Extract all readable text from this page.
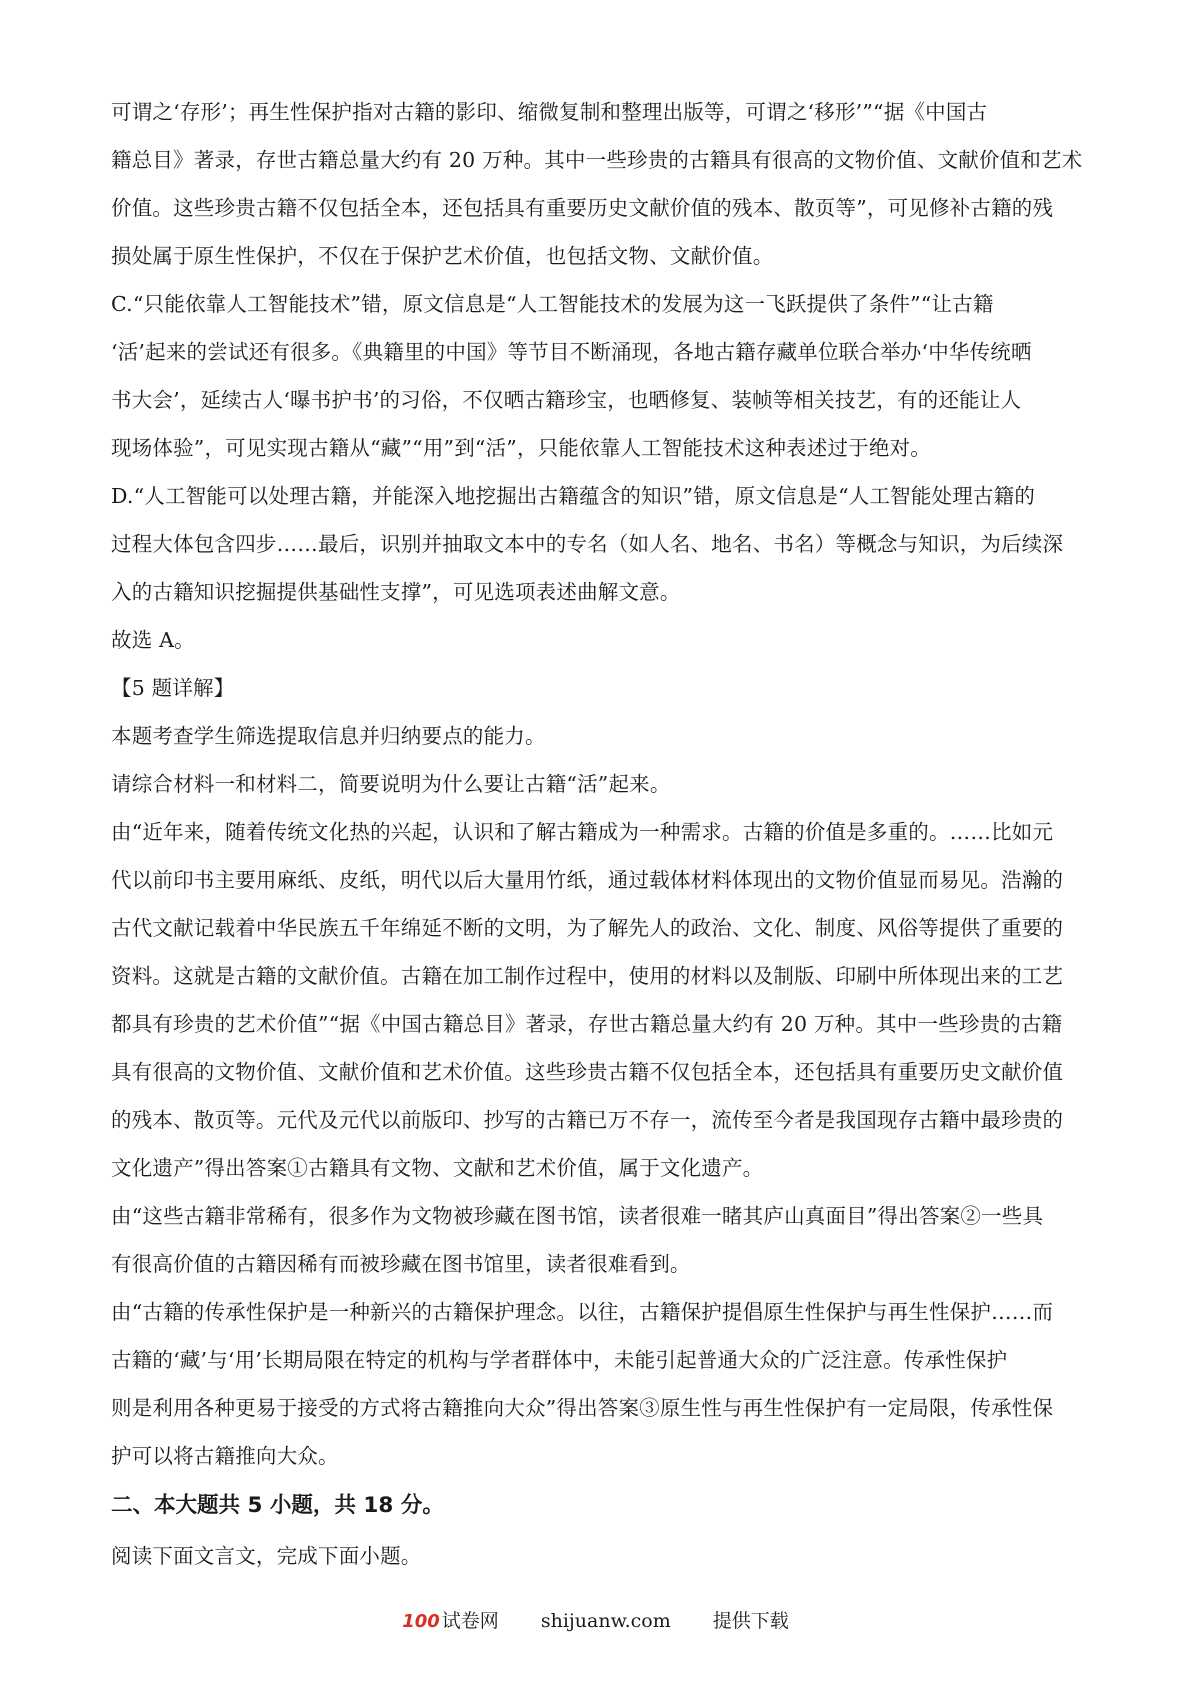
可谓之‘存形’；再生性保护指对古籍的影印、缩微复制和整理出版等，可谓之‘移形’”“据《中国古

籍总目》著录，存世古籍总量大约有 20 万种。其中一些珍贵的古籍具有很高的文物价值、文献价值和艺术

价值。这些珍贵古籍不仅包括全本，还包括具有重要历史文献价值的残本、散页等”，可见修补古籍的残

损处属于原生性保护，不仅在于保护艺术价值，也包括文物、文献价值。

C.“只能依靠人工智能技术”错，原文信息是“人工智能技术的发展为这一飞跃提供了条件”“让古籍

‘活’起来的尝试还有很多。《典籍里的中国》等节目不断涌现，各地古籍存藏单位联合举办‘中华传统晒

书大会’，延续古人‘曝书护书’的习俗，不仅晒古籍珍宝，也晒修复、装帧等相关技艺，有的还能让人

现场体验”，可见实现古籍从“藏”“用”到“活”，只能依靠人工智能技术这种表述过于绝对。

D.“人工智能可以处理古籍，并能深入地挖掘出古籍蕴含的知识”错，原文信息是“人工智能处理古籍的

过程大体包含四步……最后，识别并抽取文本中的专名（如人名、地名、书名）等概念与知识，为后续深

入的古籍知识挖掘提供基础性支撑”，可见选项表述曲解文意。

故选 A。

【5 题详解】

本题考查学生筛选提取信息并归纳要点的能力。

请综合材料一和材料二，简要说明为什么要让古籍“活”起来。

由“近年来，随着传统文化热的兴起，认识和了解古籍成为一种需求。古籍的价值是多重的。……比如元

代以前印书主要用麻纸、皮纸，明代以后大量用竹纸，通过载体材料体现出的文物价值显而易见。浩瀚的

古代文献记载着中华民族五千年绵延不断的文明，为了解先人的政治、文化、制度、风俗等提供了重要的

资料。这就是古籍的文献价值。古籍在加工制作过程中，使用的材料以及制版、印刷中所体现出来的工艺

都具有珍贵的艺术价值”“据《中国古籍总目》著录，存世古籍总量大约有 20 万种。其中一些珍贵的古籍

具有很高的文物价值、文献价值和艺术价值。这些珍贵古籍不仅包括全本，还包括具有重要历史文献价值

的残本、散页等。元代及元代以前版印、抄写的古籍已万不存一，流传至今者是我国现存古籍中最珍贵的

文化遗产”得出答案①古籍具有文物、文献和艺术价值，属于文化遗产。

由“这些古籍非常稀有，很多作为文物被珍藏在图书馆，读者很难一睹其庐山真面目”得出答案②一些具

有很高价值的古籍因稀有而被珍藏在图书馆里，读者很难看到。

由“古籍的传承性保护是一种新兴的古籍保护理念。以往，古籍保护提倡原生性保护与再生性保护……而

古籍的‘藏’与‘用’长期局限在特定的机构与学者群体中，未能引起普通大众的广泛注意。传承性保护

则是利用各种更易于接受的方式将古籍推向大众”得出答案③原生性与再生性保护有一定局限，传承性保

护可以将古籍推向大众。

二、本大题共 5 小题，共 18 分。

阅读下面文言文，完成下面小题。

100 试卷网 shijuanw.com 提供下载
